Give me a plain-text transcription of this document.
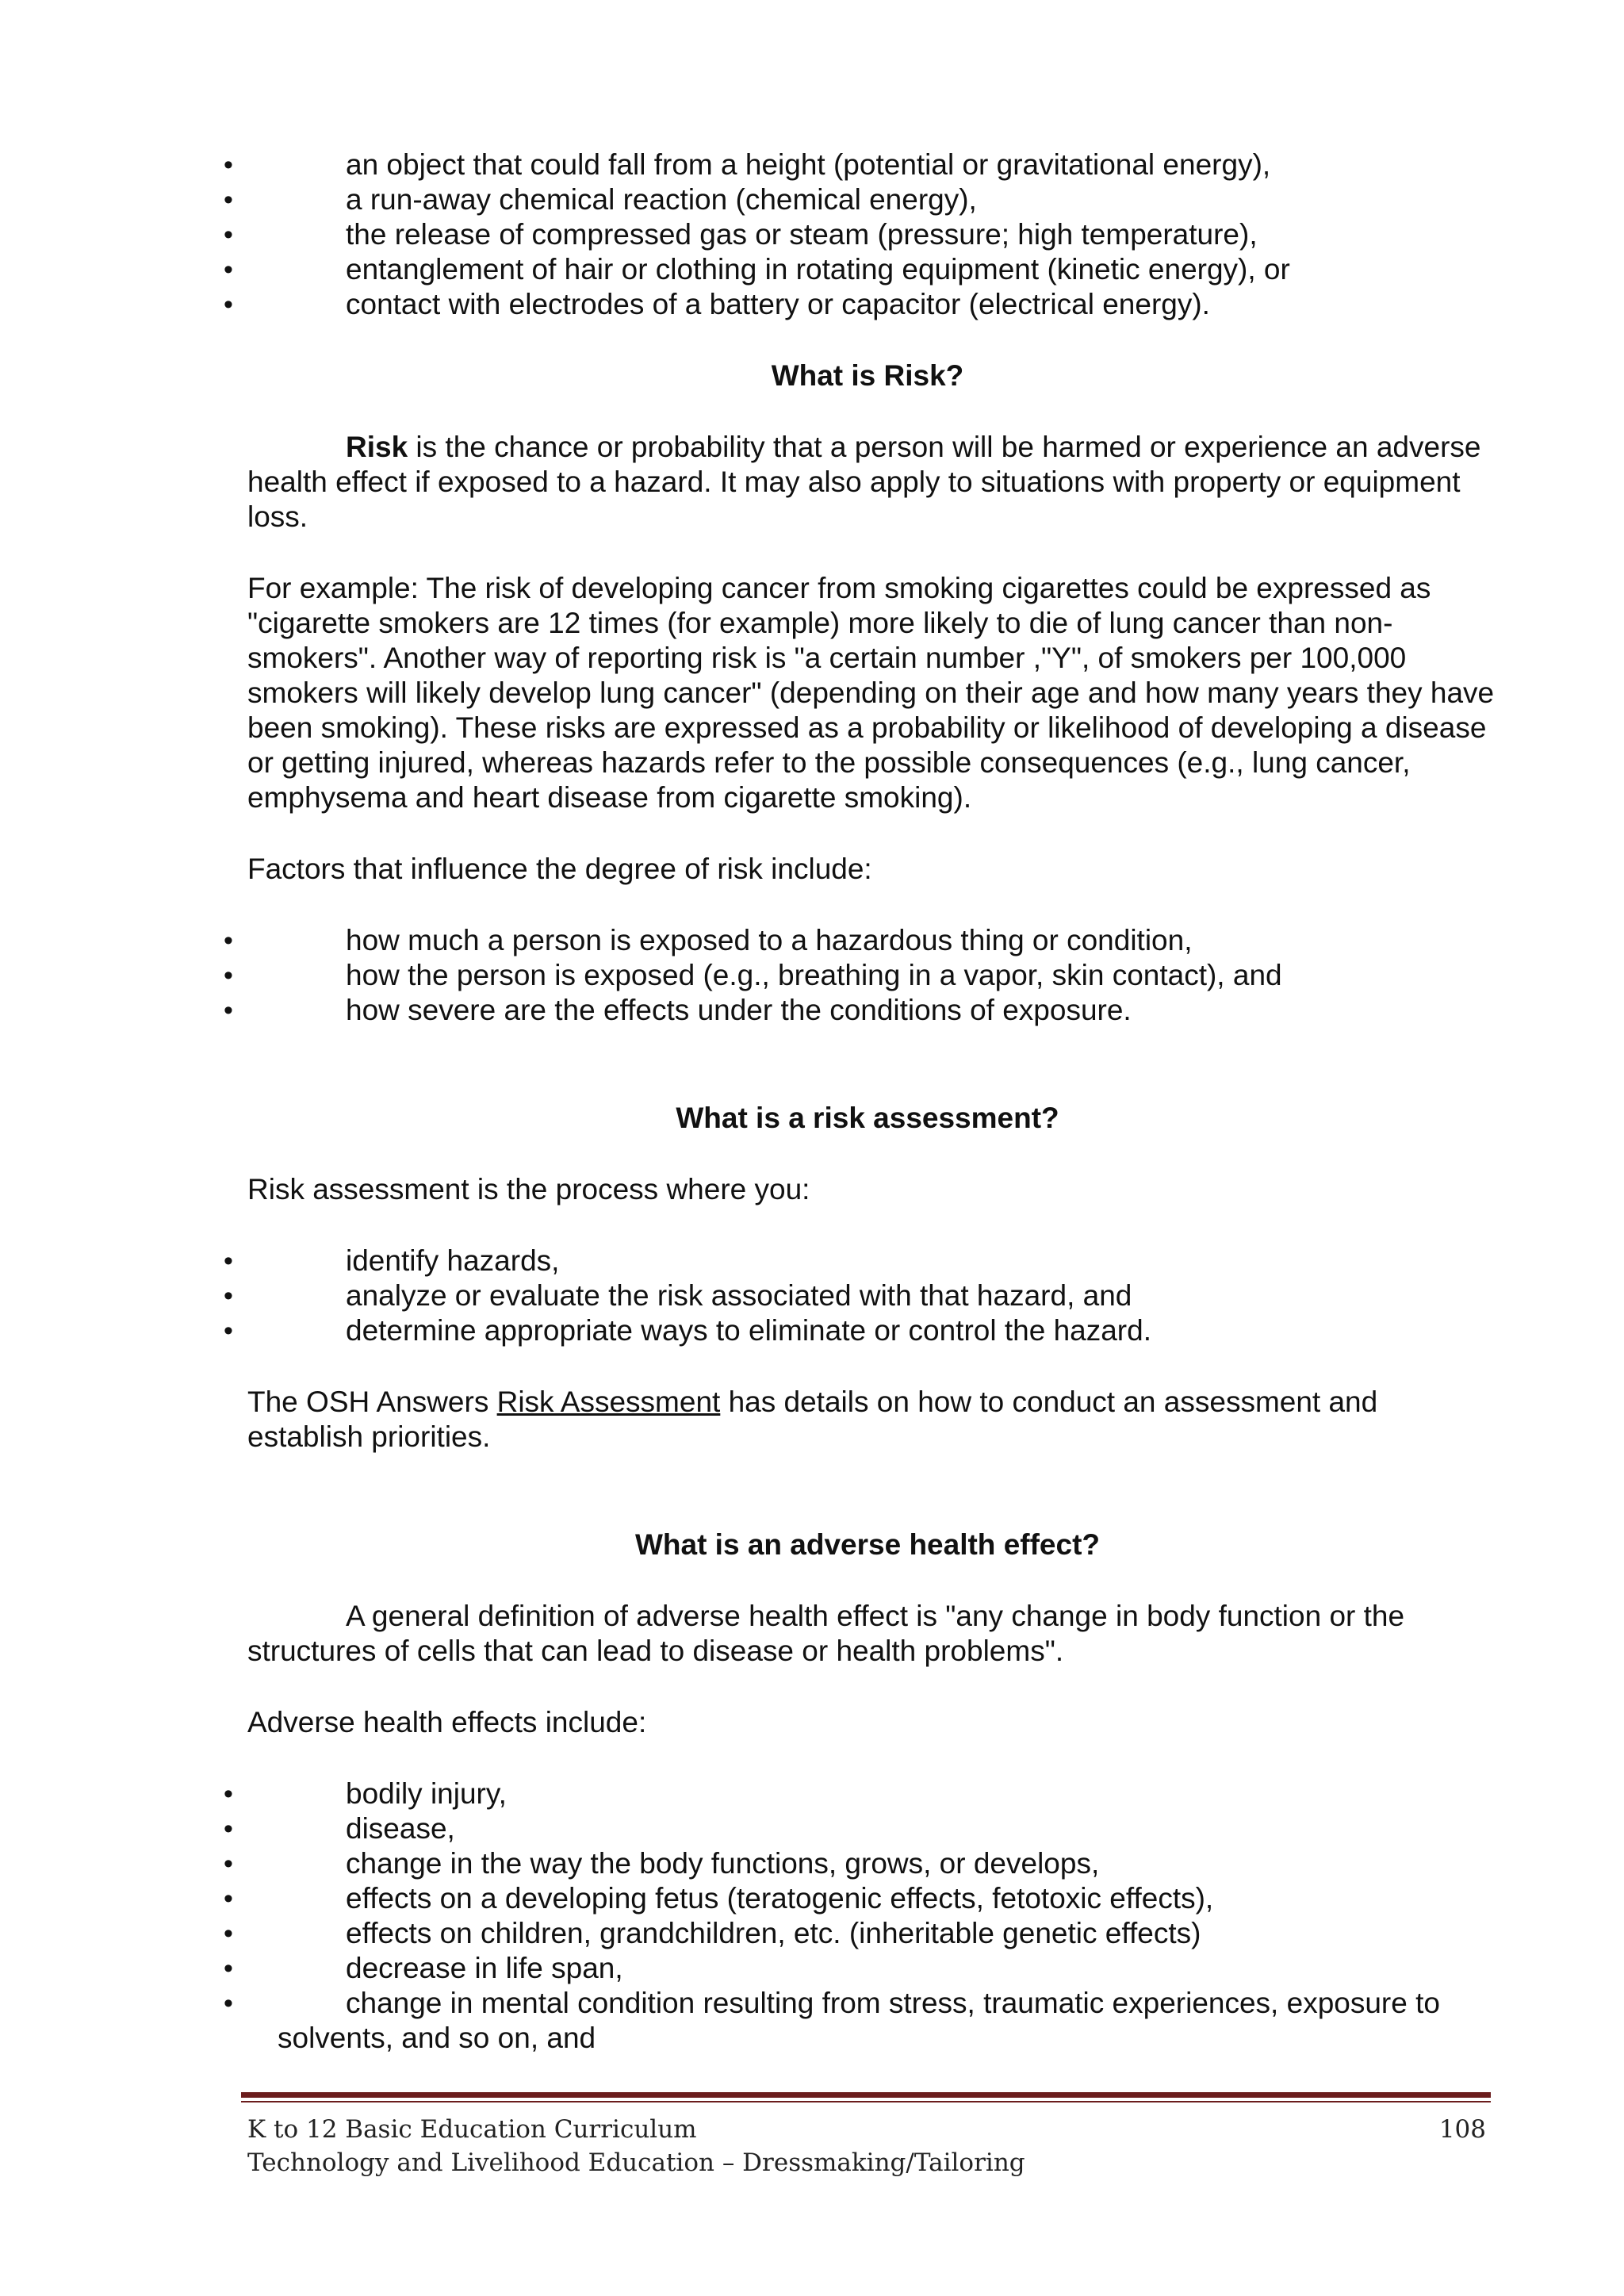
•	an object that could fall from a height (potential or gravitational energy),
•	a run-away chemical reaction (chemical energy),
•	the release of compressed gas or steam (pressure; high temperature),
•	entanglement of hair or clothing in rotating equipment (kinetic energy), or
•	contact with electrodes of a battery or capacitor (electrical energy).
What is Risk?

Risk is the chance or probability that a person will be harmed or experience an adverse health effect if exposed to a hazard. It may also apply to situations with property or equipment loss.

For example: The risk of developing cancer from smoking cigarettes could be expressed as "cigarette smokers are 12 times (for example) more likely to die of lung cancer than non-smokers". Another way of reporting risk is "a certain number ,"Y", of smokers per 100,000 smokers will likely develop lung cancer" (depending on their age and how many years they have been smoking). These risks are expressed as a probability or likelihood of developing a disease or getting injured, whereas hazards refer to the possible consequences (e.g., lung cancer, emphysema and heart disease from cigarette smoking).

Factors that influence the degree of risk include:

•	how much a person is exposed to a hazardous thing or condition,
•	how the person is exposed (e.g., breathing in a vapor, skin contact), and
•	how severe are the effects under the conditions of exposure.
What is a risk assessment?

Risk assessment is the process where you:

•	identify hazards,
•	analyze or evaluate the risk associated with that hazard, and
•	determine appropriate ways to eliminate or control the hazard.

The OSH Answers Risk Assessment has details on how to conduct an assessment and establish priorities.

What is an adverse health effect?

A general definition of adverse health effect is "any change in body function or the structures of cells that can lead to disease or health problems".

Adverse health effects include:

•	bodily injury,
•	disease,
•	change in the way the body functions, grows, or develops,
•	effects on a developing fetus (teratogenic effects, fetotoxic effects),
•	effects on children, grandchildren, etc. (inheritable genetic effects)
•	decrease in life span,
•	change in mental condition resulting from stress, traumatic experiences, exposure to
solvents, and so on, and
K to 12 Basic Education Curriculum
Technology and Livelihood Education – Dressmaking/Tailoring
108
